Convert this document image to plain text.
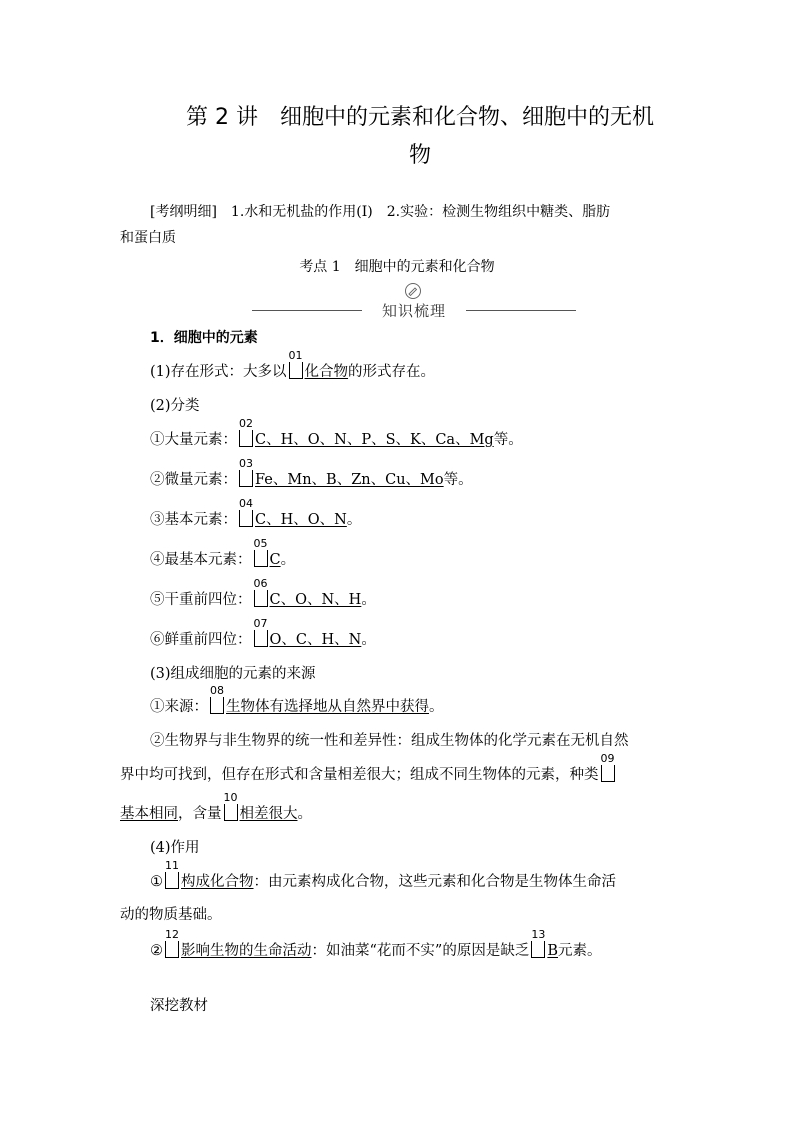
第 2 讲　细胞中的元素和化合物、细胞中的无机
物
[考纲明细]　1.水和无机盐的作用(Ⅰ)　2.实验：检测生物组织中糖类、脂肪
和蛋白质
考点 1　细胞中的元素和化合物
知识梳理
1．细胞中的元素
(1)存在形式：大多以
01
化合物的形式存在。
(2)分类
①大量元素：
02
C、H、O、N、P、S、K、Ca、Mg等。
②微量元素：
03
Fe、Mn、B、Zn、Cu、Mo等。
③基本元素：
04
C、H、O、N。
④最基本元素：
05
C。
⑤干重前四位：
06
C、O、N、H。
⑥鲜重前四位：
07
O、C、H、N。
(3)组成细胞的元素的来源
①来源：
08
生物体有选择地从自然界中获得。
②生物界与非生物界的统一性和差异性：组成生物体的化学元素在无机自然
界中均可找到，但存在形式和含量相差很大；组成不同生物体的元素，种类
09
基本相同，含量
10
相差很大。
(4)作用
①
11
构成化合物：由元素构成化合物，这些元素和化合物是生物体生命活
动的物质基础。
②
12
影响生物的生命活动：如油菜“花而不实”的原因是缺乏
13
B元素。
深挖教材
